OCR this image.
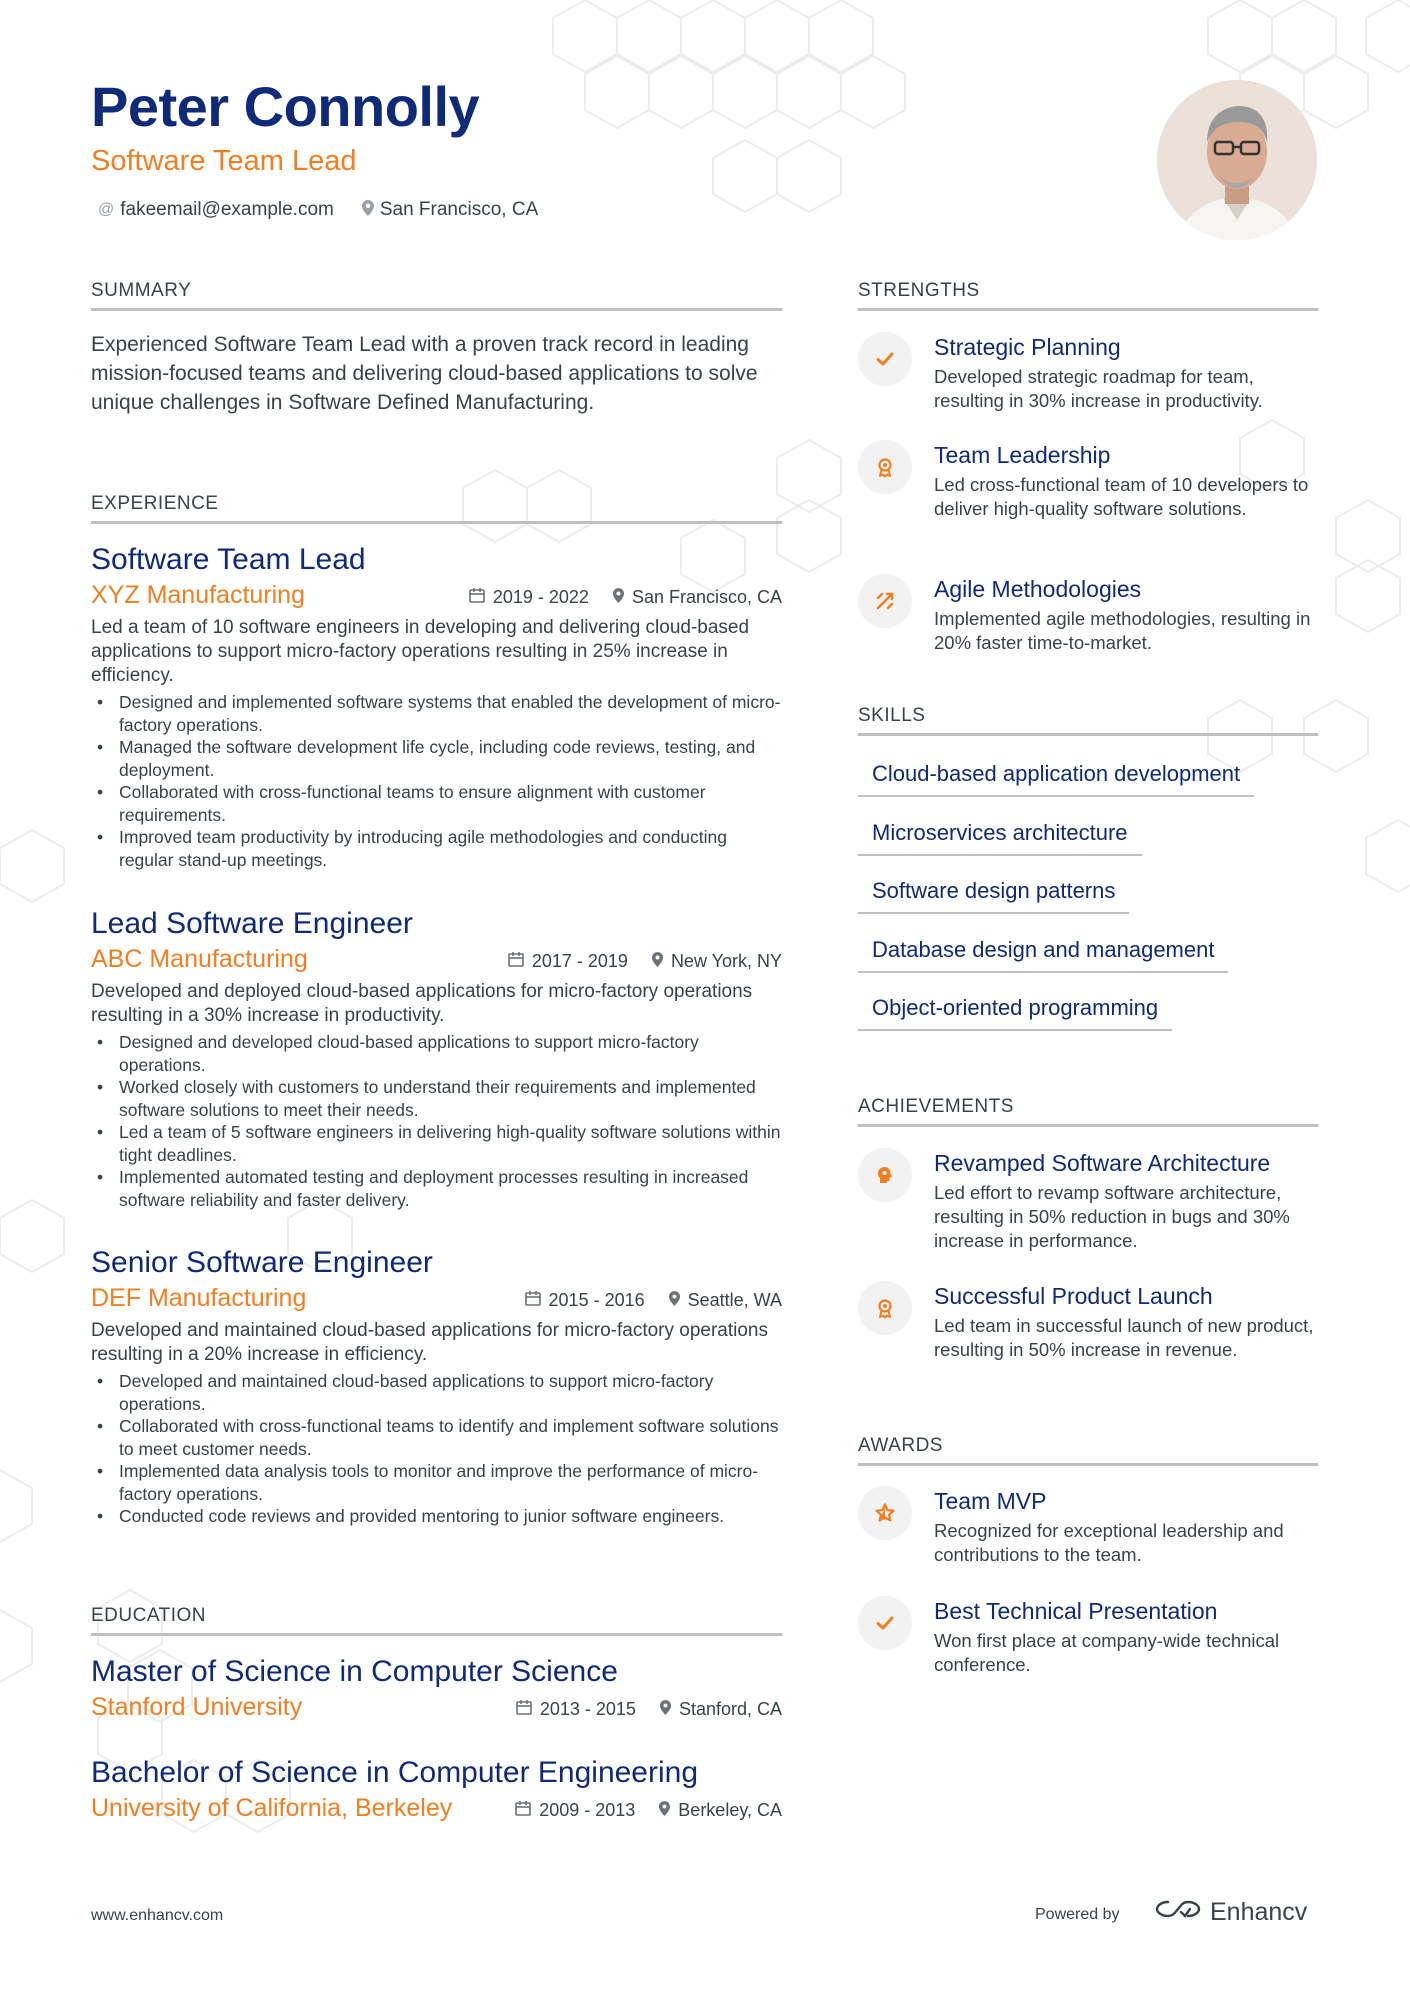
Peter Connolly
Software Team Lead
@ fakeemail@example.com San Francisco, CA
SUMMARY
Experienced Software Team Lead with a proven track record in leading mission-focused teams and delivering cloud-based applications to solve unique challenges in Software Defined Manufacturing.
EXPERIENCE
Software Team Lead
XYZ Manufacturing	2019 - 2022 San Francisco, CA
Led a team of 10 software engineers in developing and delivering cloud-based applications to support micro-factory operations resulting in 25% increase in efficiency.
• Designed and implemented software systems that enabled the development of micro-factory operations.
• Managed the software development life cycle, including code reviews, testing, and deployment.
• Collaborated with cross-functional teams to ensure alignment with customer requirements.
• Improved team productivity by introducing agile methodologies and conducting regular stand-up meetings.
Lead Software Engineer
ABC Manufacturing	2017 - 2019 New York, NY
Developed and deployed cloud-based applications for micro-factory operations resulting in a 30% increase in productivity.
• Designed and developed cloud-based applications to support micro-factory operations.
• Worked closely with customers to understand their requirements and implemented software solutions to meet their needs.
• Led a team of 5 software engineers in delivering high-quality software solutions within tight deadlines.
• Implemented automated testing and deployment processes resulting in increased software reliability and faster delivery.
Senior Software Engineer
DEF Manufacturing	2015 - 2016 Seattle, WA
Developed and maintained cloud-based applications for micro-factory operations resulting in a 20% increase in efficiency.
• Developed and maintained cloud-based applications to support micro-factory operations.
• Collaborated with cross-functional teams to identify and implement software solutions to meet customer needs.
• Implemented data analysis tools to monitor and improve the performance of micro-factory operations.
• Conducted code reviews and provided mentoring to junior software engineers.
EDUCATION
Master of Science in Computer Science
Stanford University	2013 - 2015 Stanford, CA
Bachelor of Science in Computer Engineering
University of California, Berkeley	2009 - 2013 Berkeley, CA
STRENGTHS
Strategic Planning
Developed strategic roadmap for team, resulting in 30% increase in productivity.
Team Leadership
Led cross-functional team of 10 developers to deliver high-quality software solutions.
Agile Methodologies
Implemented agile methodologies, resulting in 20% faster time-to-market.
SKILLS
Cloud-based application development
Microservices architecture
Software design patterns
Database design and management
Object-oriented programming
ACHIEVEMENTS
Revamped Software Architecture
Led effort to revamp software architecture, resulting in 50% reduction in bugs and 30% increase in performance.
Successful Product Launch
Led team in successful launch of new product, resulting in 50% increase in revenue.
AWARDS
Team MVP
Recognized for exceptional leadership and contributions to the team.
Best Technical Presentation
Won first place at company-wide technical conference.
www.enhancv.com	Powered by	Enhancv
